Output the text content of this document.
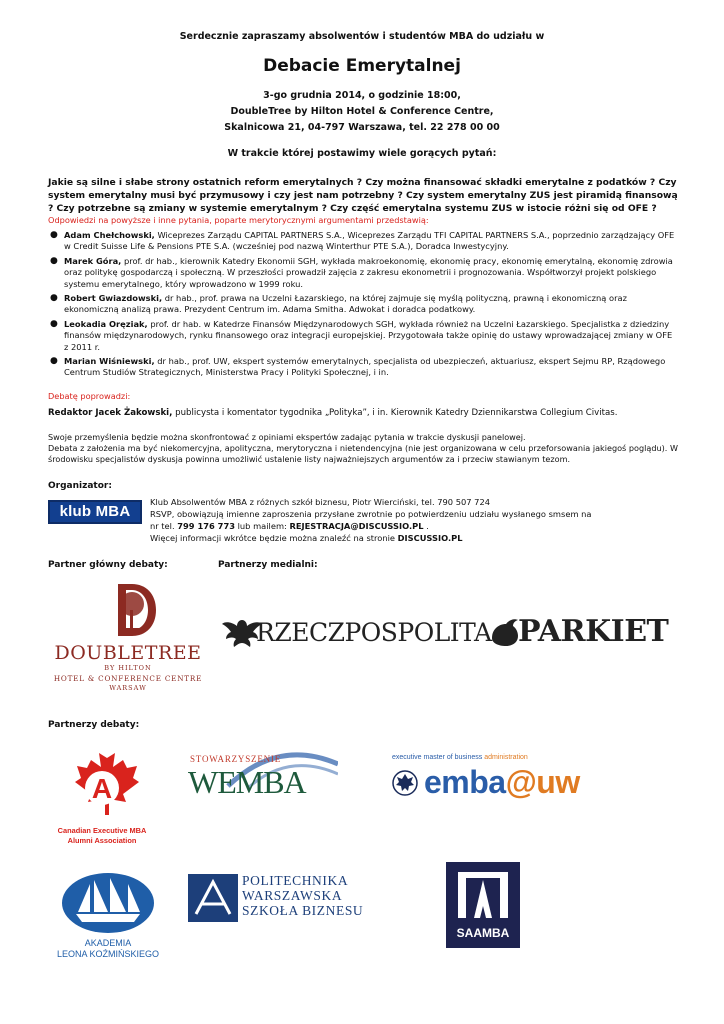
Serdecznie zapraszamy absolwentów i studentów MBA do udziału w
Debacie Emerytalnej
3-go grudnia 2014, o godzinie 18:00,
DoubleTree by Hilton Hotel & Conference Centre,
Skalnicowa 21, 04-797 Warszawa, tel. 22 278 00 00
W trakcie której postawimy wiele gorących pytań:
Jakie są silne i słabe strony ostatnich reform emerytalnych ? Czy można finansować składki emerytalne z podatków ? Czy system emerytalny musi być przymusowy i czy jest nam potrzebny ? Czy system emerytalny ZUS jest piramidą finansową ? Czy potrzebne są zmiany w systemie emerytalnym ? Czy część emerytalna systemu ZUS w istocie różni się od OFE ?
Odpowiedzi na powyższe i inne pytania, poparte merytorycznymi argumentami przedstawią:
● Adam Chełchowski, Wiceprezes Zarządu CAPITAL PARTNERS S.A., Wiceprezes Zarządu TFI CAPITAL PARTNERS S.A., poprzednio zarządzający OFE w Credit Suisse Life & Pensions PTE S.A. (wcześniej pod nazwą Winterthur PTE S.A.), Doradca Inwestycyjny.
● Marek Góra, prof. dr hab., kierownik Katedry Ekonomii SGH, wykłada makroekonomię, ekonomię pracy, ekonomię emerytalną, ekonomię zdrowia oraz politykę gospodarczą i społeczną. W przeszłości prowadził zajęcia z zakresu ekonometrii i prognozowania. Współtworzył projekt polskiego systemu emerytalnego, który wprowadzono w 1999 roku.
● Robert Gwiazdowski, dr hab., prof. prawa na Uczelni Łazarskiego, na której zajmuje się myślą polityczną, prawną i ekonomiczną oraz ekonomiczną analizą prawa. Prezydent Centrum im. Adama Smitha. Adwokat i doradca podatkowy.
● Leokadia Oręziak, prof. dr hab. w Katedrze Finansów Międzynarodowych SGH, wykłada również na Uczelni Łazarskiego. Specjalistka z dziedziny finansów międzynarodowych, rynku finansowego oraz integracji europejskiej. Przygotowała także opinię do ustawy wprowadzającej zmiany w OFE z 2011 r.
● Marian Wiśniewski, dr hab., prof. UW, ekspert systemów emerytalnych, specjalista od ubezpieczeń, aktuariusz, ekspert Sejmu RP, Rządowego Centrum Studiów Strategicznych, Ministerstwa Pracy i Polityki Społecznej, i in.
Debatę poprowadzi:
Redaktor Jacek Żakowski, publicysta i komentator tygodnika „Polityka”, i in. Kierownik Katedry Dziennikarstwa Collegium Civitas.
Swoje przemyślenia będzie można skonfrontować z opiniami ekspertów zadając pytania w trakcie dyskusji panelowej.
Debata z założenia ma być niekomercyjna, apolityczna, merytoryczna i nietendencyjna (nie jest organizowana w celu przeforsowania jakiegoś poglądu). W środowisku specjalistów dyskusja powinna umożliwić ustalenie listy najważniejszych argumentów za i przeciw stawianym tezom.
Organizator:
klub MBA
Klub Absolwentów MBA z różnych szkół biznesu, Piotr Wierciński, tel. 790 507 724
RSVP, obowiązują imienne zaproszenia przysłane zwrotnie po potwierdzeniu udziału wysłanego smsem na
nr tel. 799 176 773 lub mailem: REJESTRACJA@DISCUSSIO.PL .
Więcej informacji wkrótce będzie można znaleźć na stronie DISCUSSIO.PL
Partner główny debaty:	Partnerzy medialni:
DOUBLETREE
BY HILTON
HOTEL & CONFERENCE CENTRE
WARSAW
RZECZPOSPOLITA PARKIET
Partnerzy debaty:
A
Canadian Executive MBA
Alumni Association
STOWARZYSZENIE
WEMBA
executive master of business administration
emba@uw
AKADEMIA
LEONA KOŹMIŃSKIEGO
POLITECHNIKA
WARSZAWSKA
SZKOŁA BIZNESU
SAAMBA
